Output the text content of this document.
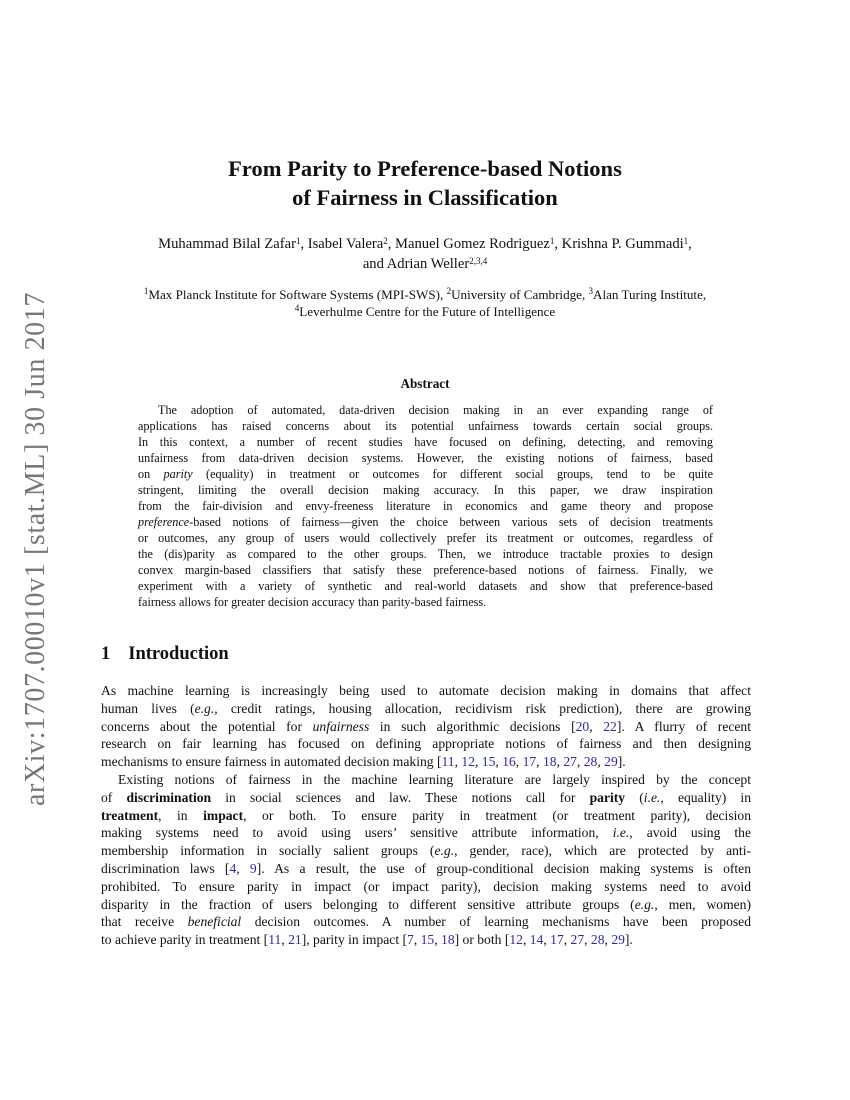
arXiv:1707.00010v1 [stat.ML] 30 Jun 2017
From Parity to Preference-based Notions
of Fairness in Classification
Muhammad Bilal Zafar$^1$, Isabel Valera$^2$, Manuel Gomez Rodriguez$^1$, Krishna P. Gummadi$^1$,
and Adrian Weller$^{2,3,4}$
$^1$Max Planck Institute for Software Systems (MPI-SWS), $^2$University of Cambridge, $^3$Alan Turing Institute,
$^4$Leverhulme Centre for the Future of Intelligence
Abstract
The adoption of automated, data-driven decision making in an ever expanding range of
applications has raised concerns about its potential unfairness towards certain social groups.
In this context, a number of recent studies have focused on defining, detecting, and removing
unfairness from data-driven decision systems. However, the existing notions of fairness, based
on parity (equality) in treatment or outcomes for different social groups, tend to be quite
stringent, limiting the overall decision making accuracy. In this paper, we draw inspiration
from the fair-division and envy-freeness literature in economics and game theory and propose
preference-based notions of fairness—given the choice between various sets of decision treatments
or outcomes, any group of users would collectively prefer its treatment or outcomes, regardless of
the (dis)parity as compared to the other groups. Then, we introduce tractable proxies to design
convex margin-based classifiers that satisfy these preference-based notions of fairness. Finally, we
experiment with a variety of synthetic and real-world datasets and show that preference-based
fairness allows for greater decision accuracy than parity-based fairness.
1 Introduction
As machine learning is increasingly being used to automate decision making in domains that affect
human lives (e.g., credit ratings, housing allocation, recidivism risk prediction), there are growing
concerns about the potential for unfairness in such algorithmic decisions [20, 22]. A flurry of recent
research on fair learning has focused on defining appropriate notions of fairness and then designing
mechanisms to ensure fairness in automated decision making [11, 12, 15, 16, 17, 18, 27, 28, 29].
Existing notions of fairness in the machine learning literature are largely inspired by the concept
of discrimination in social sciences and law. These notions call for parity (i.e., equality) in
treatment, in impact, or both. To ensure parity in treatment (or treatment parity), decision
making systems need to avoid using users’ sensitive attribute information, i.e., avoid using the
membership information in socially salient groups (e.g., gender, race), which are protected by anti-
discrimination laws [4, 9]. As a result, the use of group-conditional decision making systems is often
prohibited. To ensure parity in impact (or impact parity), decision making systems need to avoid
disparity in the fraction of users belonging to different sensitive attribute groups (e.g., men, women)
that receive beneficial decision outcomes. A number of learning mechanisms have been proposed
to achieve parity in treatment [11, 21], parity in impact [7, 15, 18] or both [12, 14, 17, 27, 28, 29].
